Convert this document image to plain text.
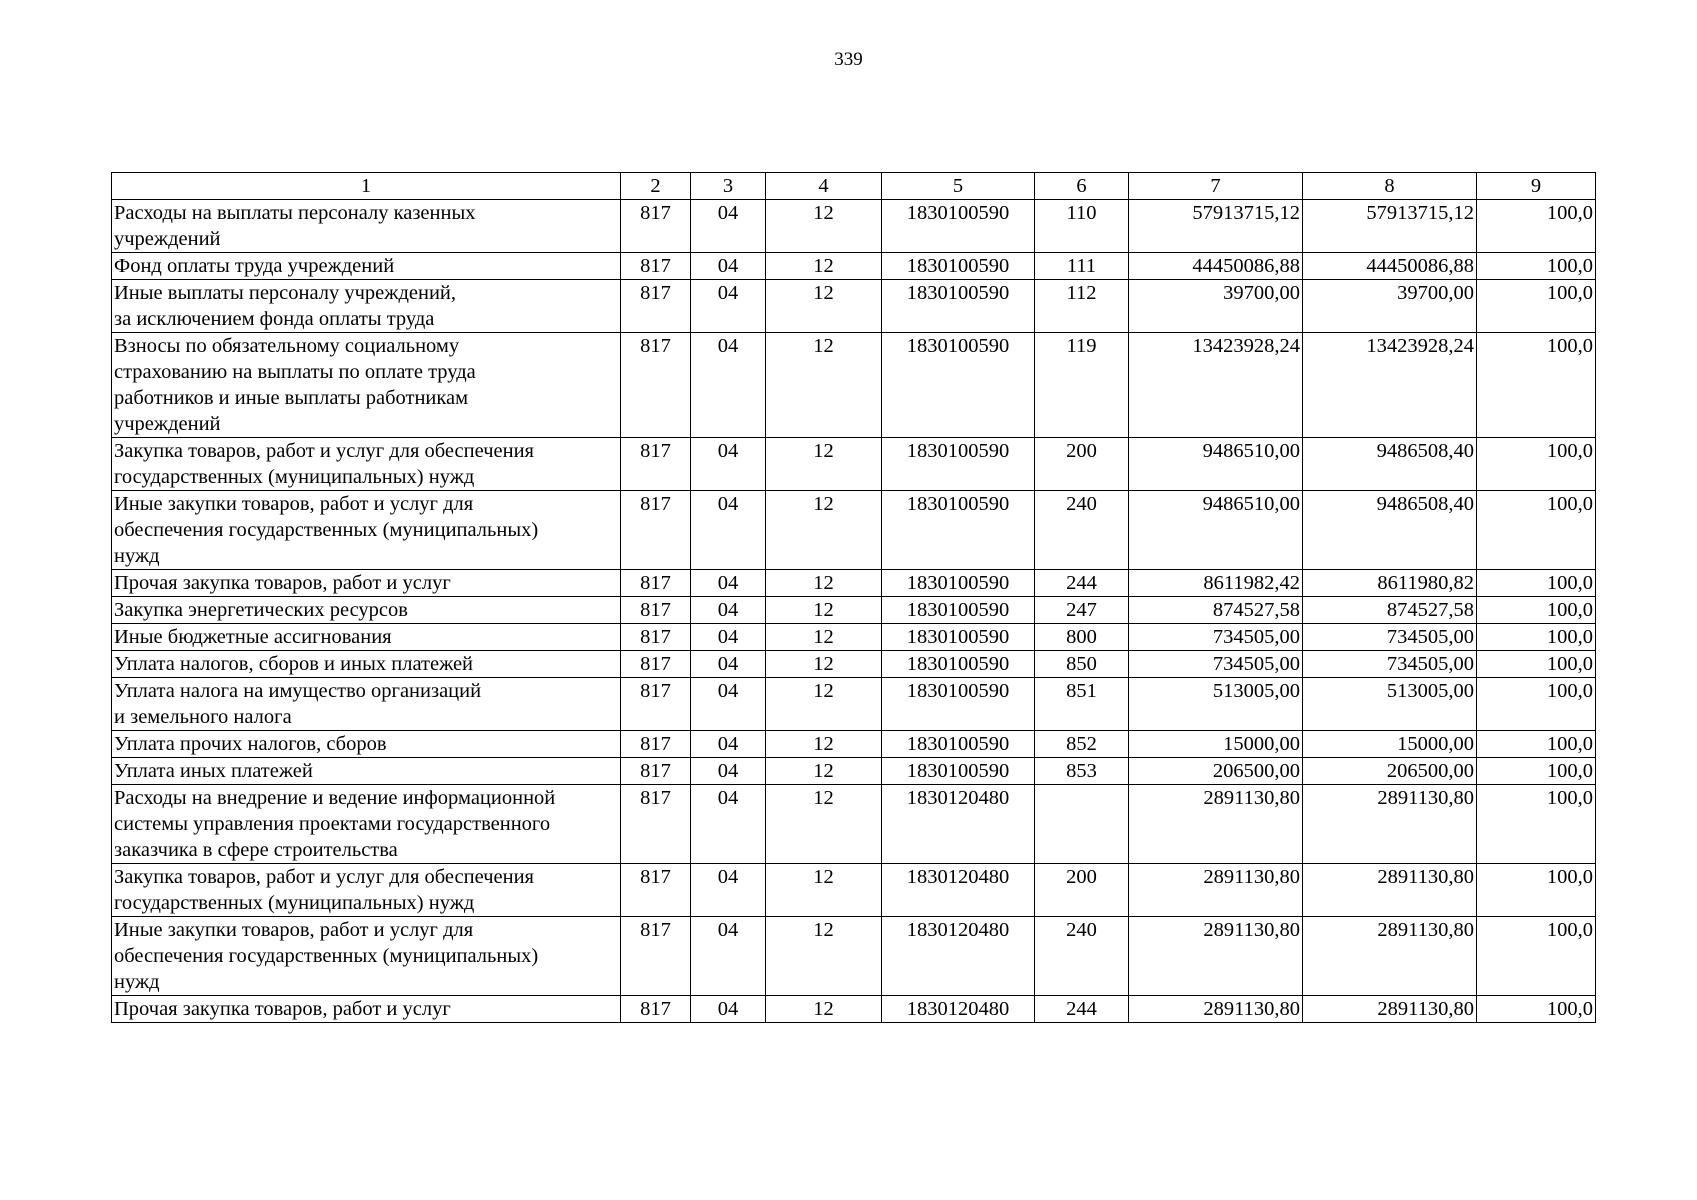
339
1	2	3	4	5	6	7	8	9
Расходы на выплаты персоналу казенных
учреждений	817	04	12	1830100590	110	57913715,12	57913715,12	100,0
Фонд оплаты труда учреждений	817	04	12	1830100590	111	44450086,88	44450086,88	100,0
Иные выплаты персоналу учреждений,
за исключением фонда оплаты труда	817	04	12	1830100590	112	39700,00	39700,00	100,0
Взносы по обязательному социальному
страхованию на выплаты по оплате труда
работников и иные выплаты работникам
учреждений	817	04	12	1830100590	119	13423928,24	13423928,24	100,0
Закупка товаров, работ и услуг для обеспечения
государственных (муниципальных) нужд	817	04	12	1830100590	200	9486510,00	9486508,40	100,0
Иные закупки товаров, работ и услуг для
обеспечения государственных (муниципальных)
нужд	817	04	12	1830100590	240	9486510,00	9486508,40	100,0
Прочая закупка товаров, работ и услуг	817	04	12	1830100590	244	8611982,42	8611980,82	100,0
Закупка энергетических ресурсов	817	04	12	1830100590	247	874527,58	874527,58	100,0
Иные бюджетные ассигнования	817	04	12	1830100590	800	734505,00	734505,00	100,0
Уплата налогов, сборов и иных платежей	817	04	12	1830100590	850	734505,00	734505,00	100,0
Уплата налога на имущество организаций
и земельного налога	817	04	12	1830100590	851	513005,00	513005,00	100,0
Уплата прочих налогов, сборов	817	04	12	1830100590	852	15000,00	15000,00	100,0
Уплата иных платежей	817	04	12	1830100590	853	206500,00	206500,00	100,0
Расходы на внедрение и ведение информационной
системы управления проектами государственного
заказчика в сфере строительства	817	04	12	1830120480		2891130,80	2891130,80	100,0
Закупка товаров, работ и услуг для обеспечения
государственных (муниципальных) нужд	817	04	12	1830120480	200	2891130,80	2891130,80	100,0
Иные закупки товаров, работ и услуг для
обеспечения государственных (муниципальных)
нужд	817	04	12	1830120480	240	2891130,80	2891130,80	100,0
Прочая закупка товаров, работ и услуг	817	04	12	1830120480	244	2891130,80	2891130,80	100,0
